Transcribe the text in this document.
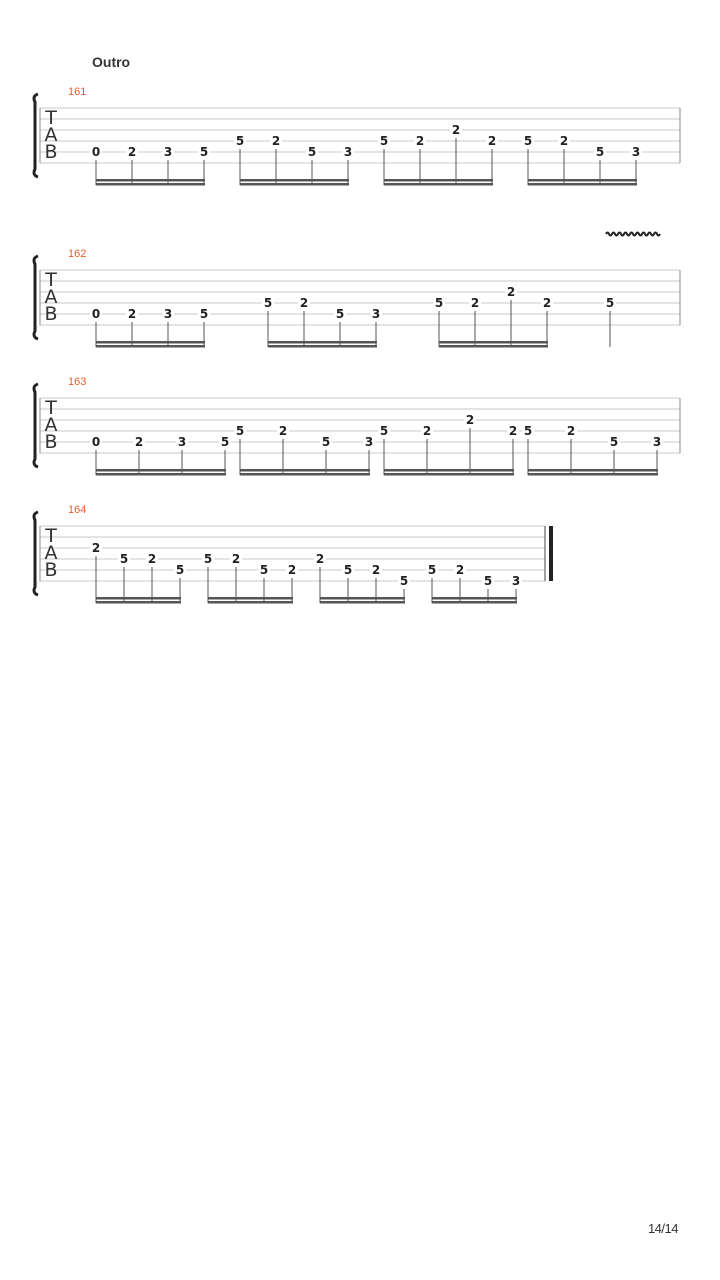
Outro
T
A
B
161
0 2 3 5
5 2
5 3
5 2
2
2 5 2
5 3
T
A
B
162
0 2 3 5
5 2
5 3
5 2
2
2	5
T
A
B
163
0	2	3	5
5	2
5	3
5	2
2
2 5	2
5	3
T
A
B
164
2
5 2
5
5 2
5 2
2
5 2
5
5 2
5 3
14/14
